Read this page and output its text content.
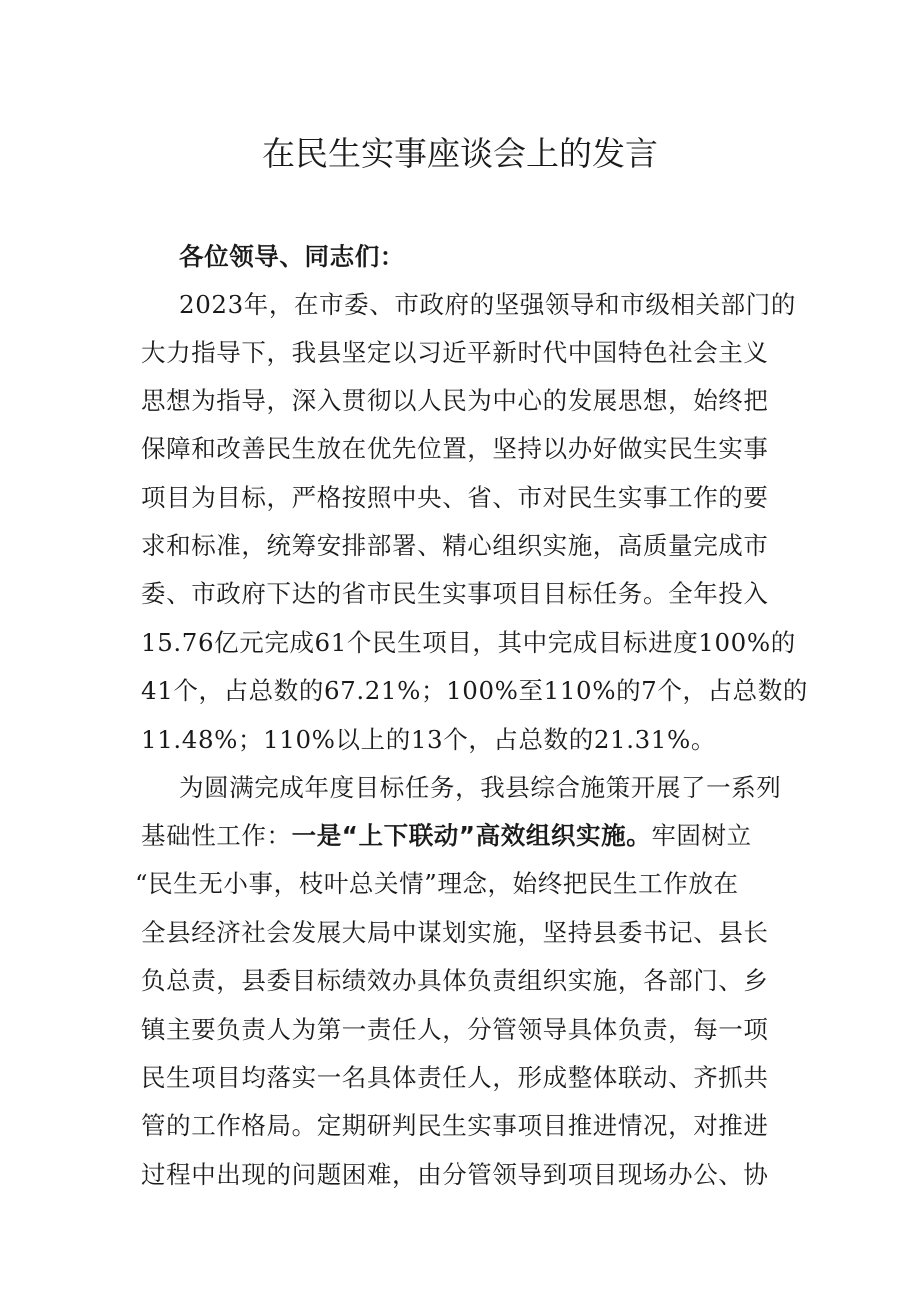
在民生实事座谈会上的发言
各位领导、同志们：
2023年，在市委、市政府的坚强领导和市级相关部门的
大力指导下，我县坚定以习近平新时代中国特色社会主义
思想为指导，深入贯彻以人民为中心的发展思想，始终把
保障和改善民生放在优先位置，坚持以办好做实民生实事
项目为目标，严格按照中央、省、市对民生实事工作的要
求和标准，统筹安排部署、精心组织实施，高质量完成市
委、市政府下达的省市民生实事项目目标任务。全年投入
15.76亿元完成61个民生项目，其中完成目标进度100%的
41个，占总数的67.21%；100%至110%的7个，占总数的
11.48%；110%以上的13个，占总数的21.31%。
为圆满完成年度目标任务，我县综合施策开展了一系列
基础性工作：一是“上下联动”高效组织实施。牢固树立
“民生无小事，枝叶总关情”理念，始终把民生工作放在
全县经济社会发展大局中谋划实施，坚持县委书记、县长
负总责，县委目标绩效办具体负责组织实施，各部门、乡
镇主要负责人为第一责任人，分管领导具体负责，每一项
民生项目均落实一名具体责任人，形成整体联动、齐抓共
管的工作格局。定期研判民生实事项目推进情况，对推进
过程中出现的问题困难，由分管领导到项目现场办公、协
